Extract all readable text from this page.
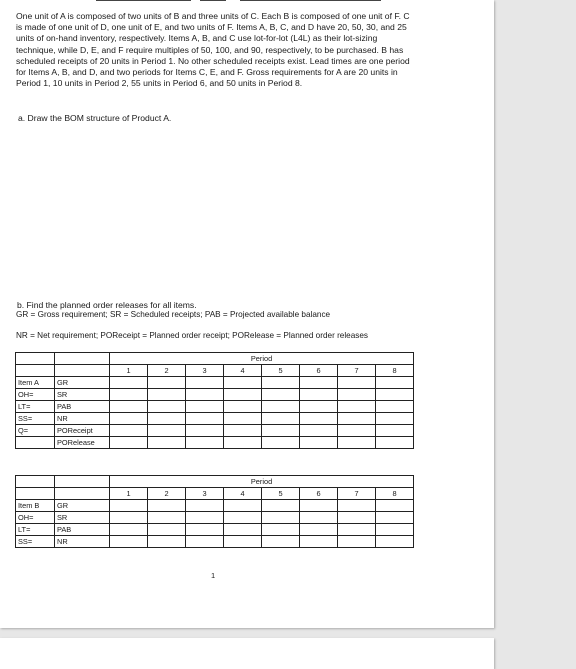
One unit of A is composed of two units of B and three units of C. Each B is composed of one unit of F. C is made of one unit of D, one unit of E, and two units of F. Items A, B, C, and D have 20, 50, 30, and 25 units of on-hand inventory, respectively. Items A, B, and C use lot-for-lot (L4L) as their lot-sizing technique, while D, E, and F require multiples of 50, 100, and 90, respectively, to be purchased. B has scheduled receipts of 20 units in Period 1. No other scheduled receipts exist. Lead times are one period for Items A, B, and D, and two periods for Items C, E, and F. Gross requirements for A are 20 units in Period 1, 10 units in Period 2, 55 units in Period 6, and 50 units in Period 8.
a. Draw the BOM structure of Product A.
b. Find the planned order releases for all items.
GR = Gross requirement; SR = Scheduled receipts; PAB = Projected available balance
NR = Net requirement; POReceipt = Planned order receipt; PORelease = Planned order releases
		Period							
		1	2	3	4	5	6	7	8
Item A	GR								
OH=	SR								
LT=	PAB								
SS=	NR								
Q=	POReceipt								
	PORelease								
		Period							
		1	2	3	4	5	6	7	8
Item B	GR								
OH=	SR								
LT=	PAB								
SS=	NR								
1
